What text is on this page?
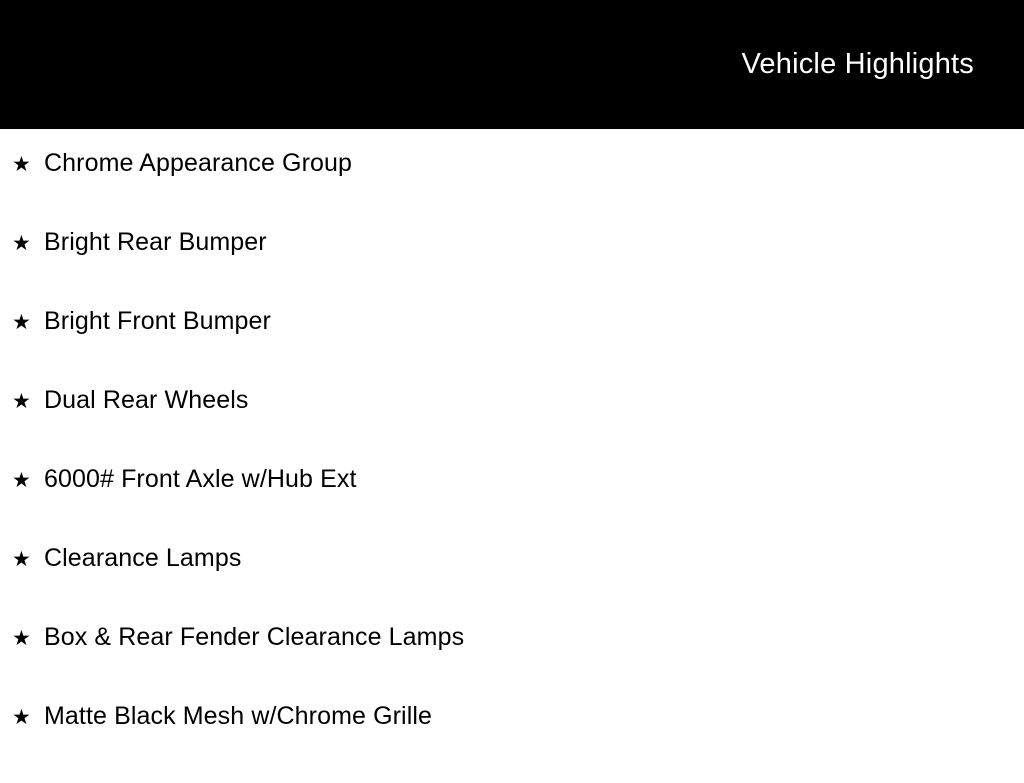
Vehicle Highlights
★ Chrome Appearance Group
★ Bright Rear Bumper
★ Bright Front Bumper
★ Dual Rear Wheels
★ 6000# Front Axle w/Hub Ext
★ Clearance Lamps
★ Box & Rear Fender Clearance Lamps
★ Matte Black Mesh w/Chrome Grille
